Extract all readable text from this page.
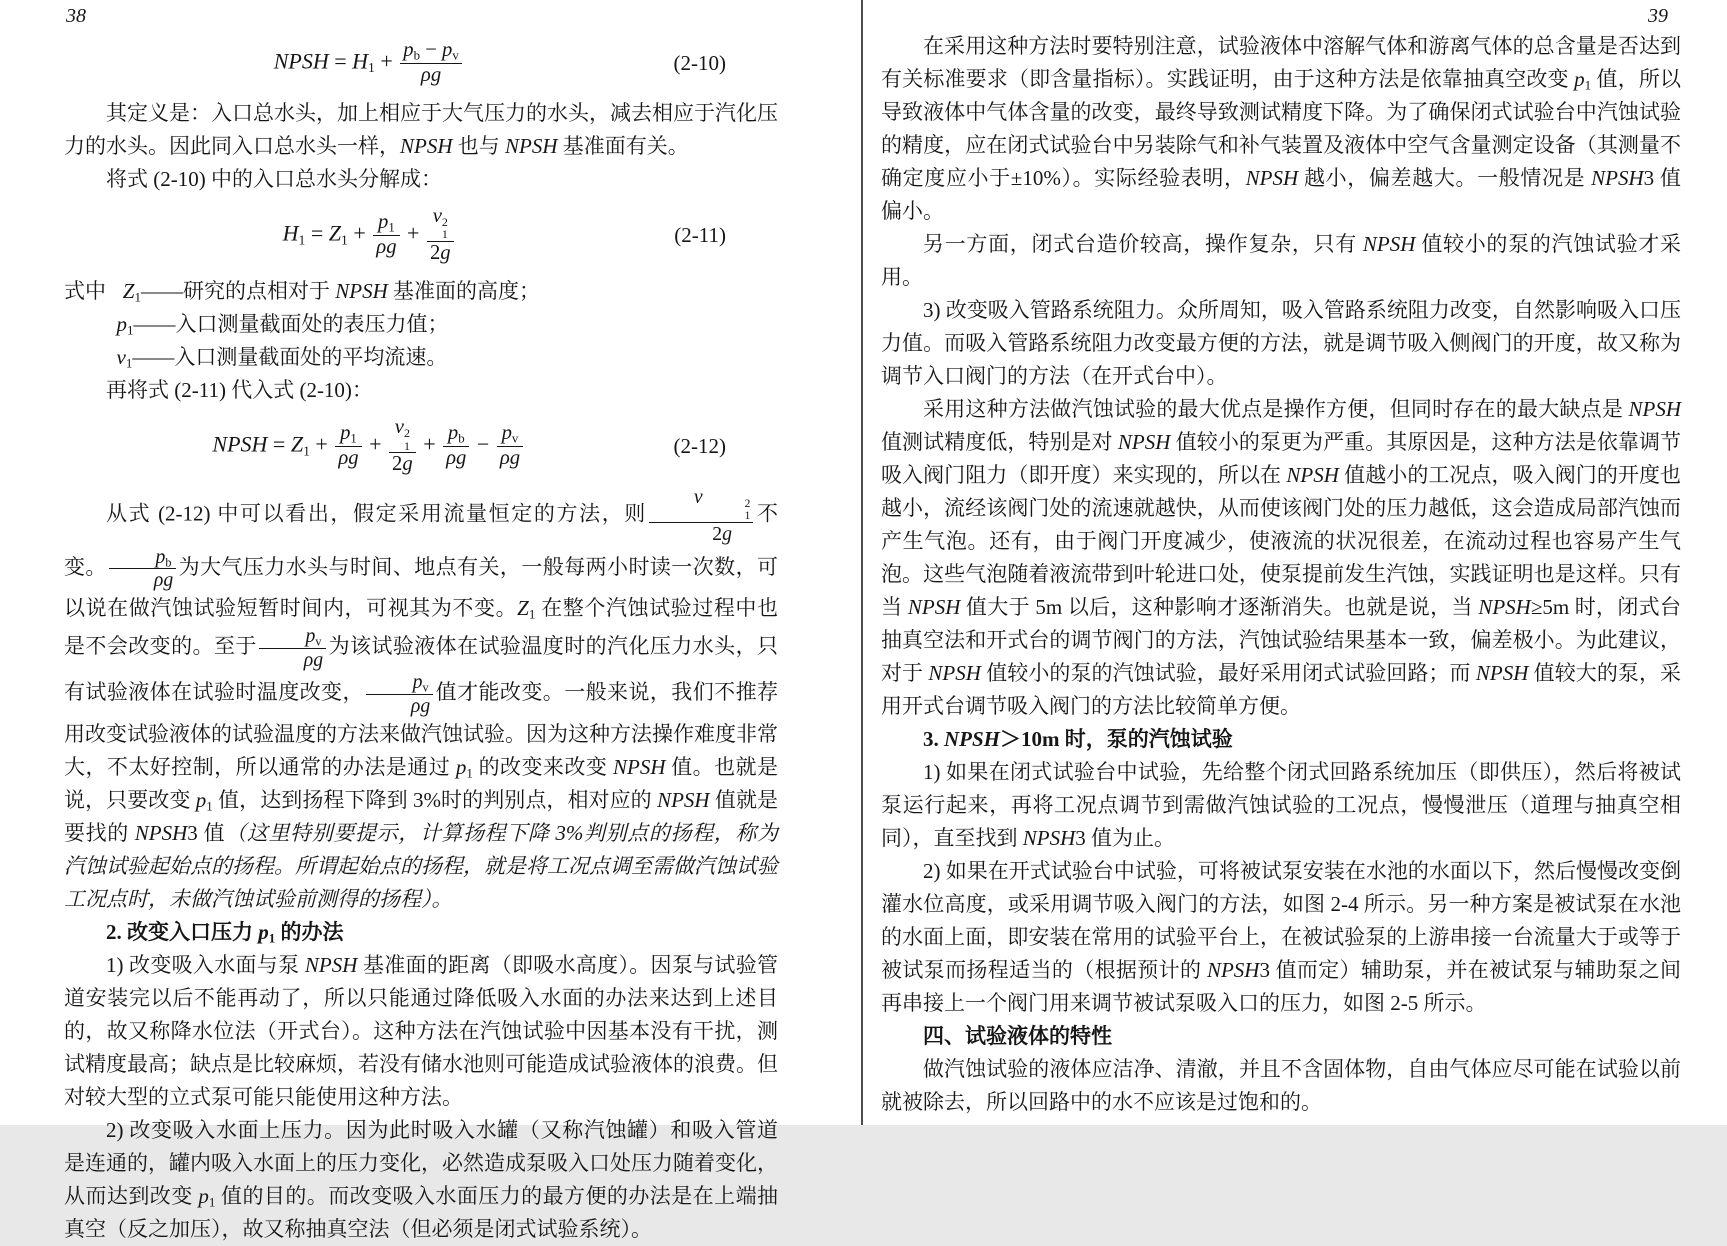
38	39
NPSH = $H_1 + \frac{p_b - p_v}{\rho g}$	(2-10)
其定义是：入口总水头，加上相应于大气压力的水头，减去相应于汽化压力的水头。因此同入口总水头一样，NPSH 也与 NPSH 基准面有关。
将式 (2-10) 中的入口总水头分解成：
$H_1 = Z_1 + \frac{p_1}{\rho g} + v$ 2
1
2g	(2-11)
式中 $Z_1——$研究的点相对于 NPSH 基准面的高度；
$p_1——$入口测量截面处的表压力值；
$v_1——$入口测量截面处的平均流速。
再将式 (2-11) 代入式 (2-10)：
NPSH = $Z_1 + \frac{p_1}{\rho g} + v$ 2
1
$2g + \frac{p_b}{\rho g} - \frac{p_v}{\rho g}$	(2-12)
从式 (2-12) 中可以看出，假定采用流量恒定的方法，则 v	2
1
2g 不变。 $\frac{p_b}{\rho g}$ 为大气压力水头与时间、地点有关，一般每两小时读一次数，可以说在做汽蚀试验短暂时间内，可视其为不变。$Z_1$ 在整个汽蚀试验过程中也是不会改变的。至于 $\frac{p_v}{\rho g}$ 为该试验液体在试验温度时的汽化压力水头，只有试验液体在试验时温度改变， $\frac{p_v}{\rho g}$ 值才能改变。一般来说，我们不推荐用改变试验液体的试验温度的方法来做汽蚀试验。因为这种方法操作难度非常大，不太好控制，所以通常的办法是通过 $p_1$ 的改变来改变 NPSH 值。也就是说，只要改变 $p_1$ 值，达到扬程下降到 3%时的判别点，相对应的 NPSH 值就是要找的 NPSH3 值（这里特别要提示，计算扬程下降 3%判别点的扬程，称为汽蚀试验起始点的扬程。所谓起始点的扬程，就是将工况点调至需做汽蚀试验工况点时，未做汽蚀试验前测得的扬程）。
2. 改变入口压力 $p_1$ 的办法
1) 改变吸入水面与泵 NPSH 基准面的距离（即吸水高度）。因泵与试验管道安装完以后不能再动了，所以只能通过降低吸入水面的办法来达到上述目的，故又称降水位法（开式台）。这种方法在汽蚀试验中因基本没有干扰，测试精度最高；缺点是比较麻烦，若没有储水池则可能造成试验液体的浪费。但对较大型的立式泵可能只能使用这种方法。
2) 改变吸入水面上压力。因为此时吸入水罐（又称汽蚀罐）和吸入管道是连通的，罐内吸入水面上的压力变化，必然造成泵吸入口处压力随着变化，从而达到改变 $p_1$ 值的目的。而改变吸入水面压力的最方便的办法是在上端抽真空（反之加压），故又称抽真空法（但必须是闭式试验系统）。
在采用这种方法时要特别注意，试验液体中溶解气体和游离气体的总含量是否达到有关标准要求（即含量指标）。实践证明，由于这种方法是依靠抽真空改变 $p_1$ 值，所以导致液体中气体含量的改变，最终导致测试精度下降。为了确保闭式试验台中汽蚀试验的精度，应在闭式试验台中另装除气和补气装置及液体中空气含量测定设备（其测量不确定度应小于±10%）。实际经验表明，NPSH 越小，偏差越大。一般情况是 NPSH3 值偏小。
另一方面，闭式台造价较高，操作复杂，只有 NPSH 值较小的泵的汽蚀试验才采用。
3) 改变吸入管路系统阻力。众所周知，吸入管路系统阻力改变，自然影响吸入口压力值。而吸入管路系统阻力改变最方便的方法，就是调节吸入侧阀门的开度，故又称为调节入口阀门的方法（在开式台中）。
采用这种方法做汽蚀试验的最大优点是操作方便，但同时存在的最大缺点是 NPSH 值测试精度低，特别是对 NPSH 值较小的泵更为严重。其原因是，这种方法是依靠调节吸入阀门阻力（即开度）来实现的，所以在 NPSH 值越小的工况点，吸入阀门的开度也越小，流经该阀门处的流速就越快，从而使该阀门处的压力越低，这会造成局部汽蚀而产生气泡。还有，由于阀门开度减少，使液流的状况很差，在流动过程也容易产生气泡。这些气泡随着液流带到叶轮进口处，使泵提前发生汽蚀，实践证明也是这样。只有当 NPSH 值大于 5m 以后，这种影响才逐渐消失。也就是说，当 NPSH≥5m 时，闭式台抽真空法和开式台的调节阀门的方法，汽蚀试验结果基本一致，偏差极小。为此建议，对于 NPSH 值较小的泵的汽蚀试验，最好采用闭式试验回路；而 NPSH 值较大的泵，采用开式台调节吸入阀门的方法比较简单方便。
3. NPSH＞10m 时，泵的汽蚀试验
1) 如果在闭式试验台中试验，先给整个闭式回路系统加压（即供压），然后将被试泵运行起来，再将工况点调节到需做汽蚀试验的工况点，慢慢泄压（道理与抽真空相同），直至找到 NPSH3 值为止。
2) 如果在开式试验台中试验，可将被试泵安装在水池的水面以下，然后慢慢改变倒灌水位高度，或采用调节吸入阀门的方法，如图 2-4 所示。另一种方案是被试泵在水池的水面上面，即安装在常用的试验平台上，在被试验泵的上游串接一台流量大于或等于被试泵而扬程适当的（根据预计的 NPSH3 值而定）辅助泵，并在被试泵与辅助泵之间再串接上一个阀门用来调节被试泵吸入口的压力，如图 2-5 所示。
四、试验液体的特性
做汽蚀试验的液体应洁净、清澈，并且不含固体物，自由气体应尽可能在试验以前就被除去，所以回路中的水不应该是过饱和的。
